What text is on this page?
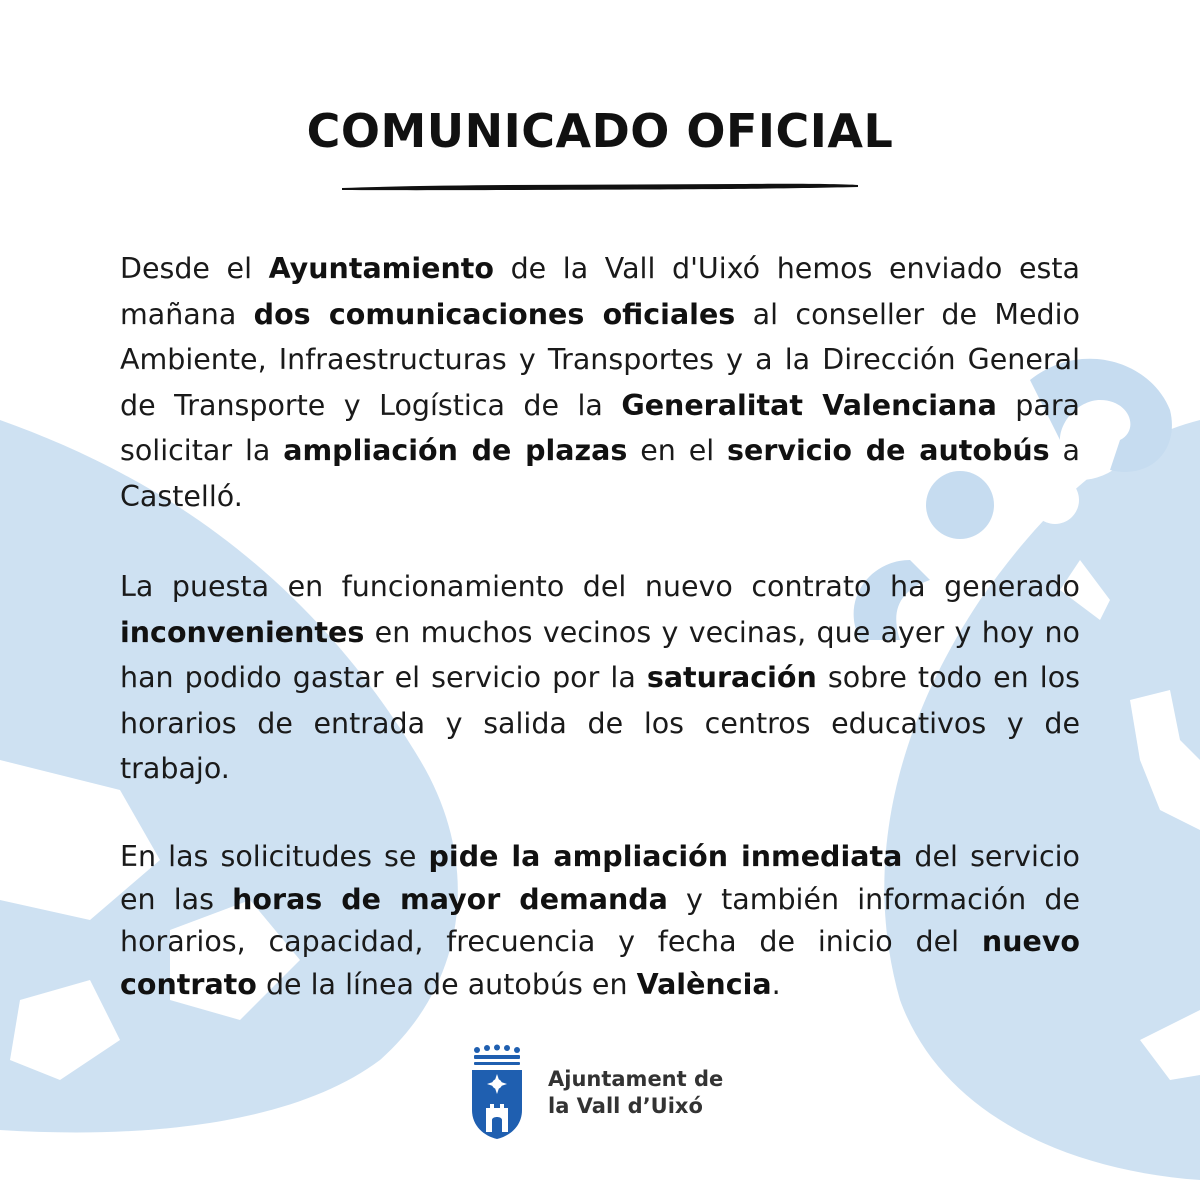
COMUNICADO OFICIAL

Desde el Ayuntamiento de la Vall d'Uixó hemos enviado esta mañana dos comunicaciones oficiales al conseller de Medio Ambiente, Infraestructuras y Transportes y a la Dirección General de Transporte y Logística de la Generalitat Valenciana para solicitar la ampliación de plazas en el servicio de autobús a Castelló.

La puesta en funcionamiento del nuevo contrato ha generado inconvenientes en muchos vecinos y vecinas, que ayer y hoy no han podido gastar el servicio por la saturación sobre todo en los horarios de entrada y salida de los centros educativos y de trabajo.

En las solicitudes se pide la ampliación inmediata del servicio en las horas de mayor demanda y también información de horarios, capacidad, frecuencia y fecha de inicio del nuevo contrato de la línea de autobús en València.

Ajuntament de
la Vall d’Uixó
